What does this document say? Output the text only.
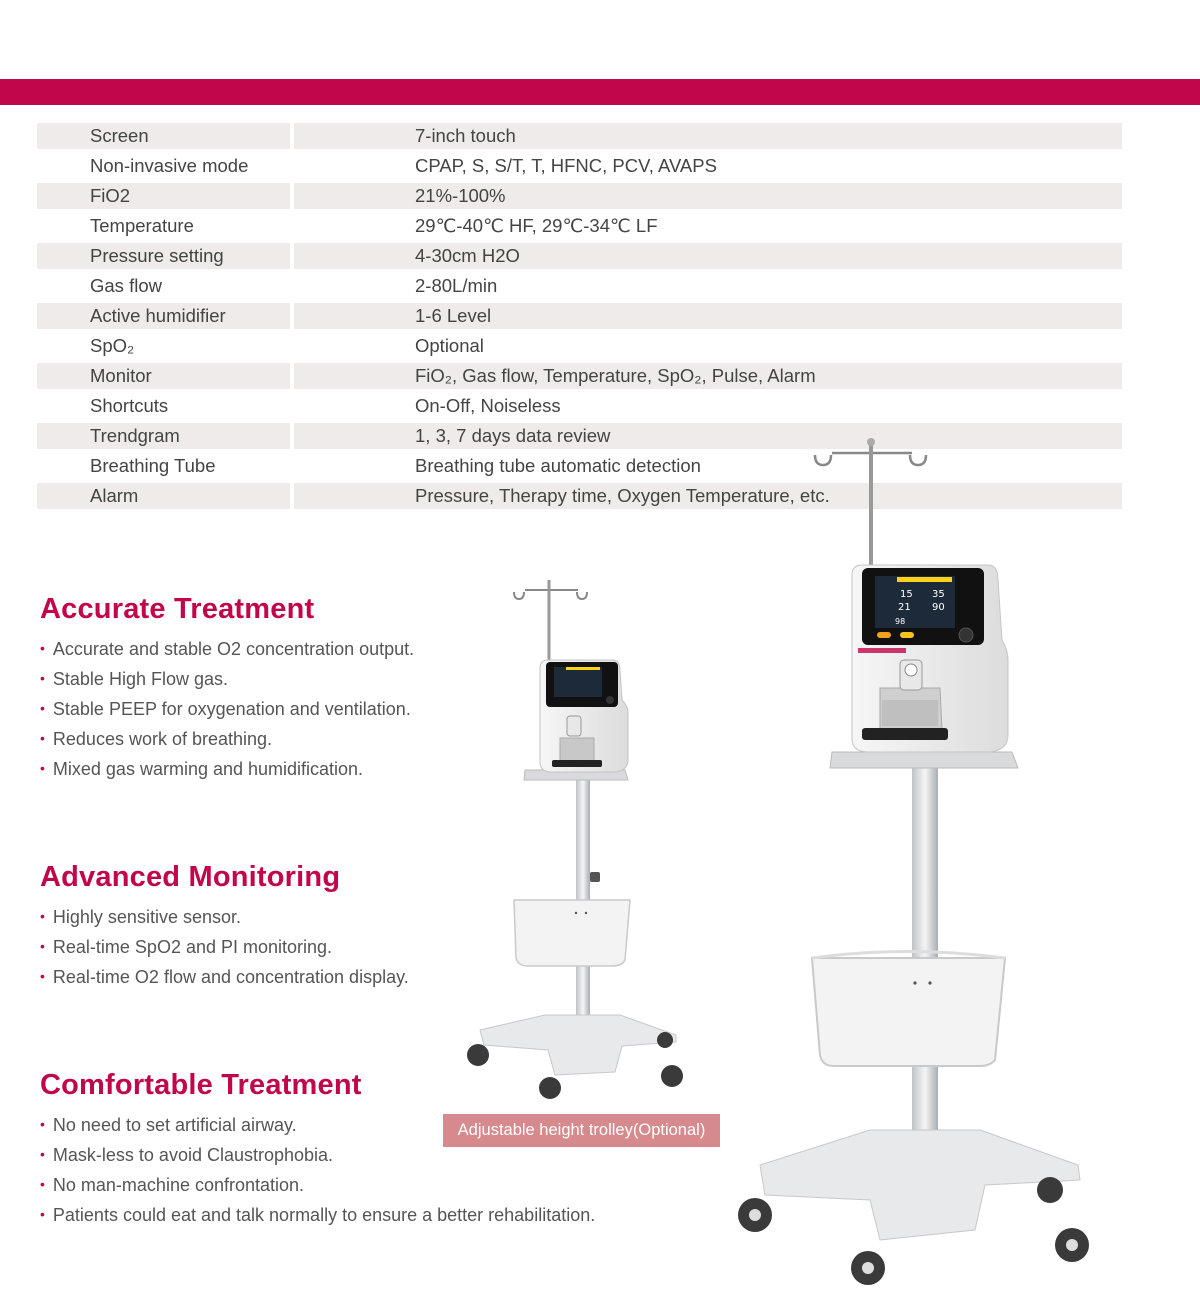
Screen	7-inch touch
Non-invasive mode	CPAP, S, S/T, T, HFNC, PCV, AVAPS
FiO2	21%-100%
Temperature	29℃-40℃ HF, 29℃-34℃ LF
Pressure setting	4-30cm H2O
Gas flow	2-80L/min
Active humidifier	1-6 Level
SpO₂	Optional
Monitor	FiO₂, Gas flow, Temperature, SpO₂, Pulse, Alarm
Shortcuts	On-Off, Noiseless
Trendgram	1, 3, 7 days data review
Breathing Tube	Breathing tube automatic detection
Alarm	Pressure, Therapy time, Oxygen Temperature, etc.
15 35
21 90
98
Accurate Treatment
• Accurate and stable O2 concentration output.
• Stable High Flow gas.
• Stable PEEP for oxygenation and ventilation.
• Reduces work of breathing.
• Mixed gas warming and humidification.
Advanced Monitoring
• Highly sensitive sensor.
• Real-time SpO2 and PI monitoring.
• Real-time O2 flow and concentration display.
Comfortable Treatment
• No need to set artificial airway.
• Mask-less to avoid Claustrophobia.
• No man-machine confrontation.
• Patients could eat and talk normally to ensure a better rehabilitation.
Adjustable height trolley(Optional)
